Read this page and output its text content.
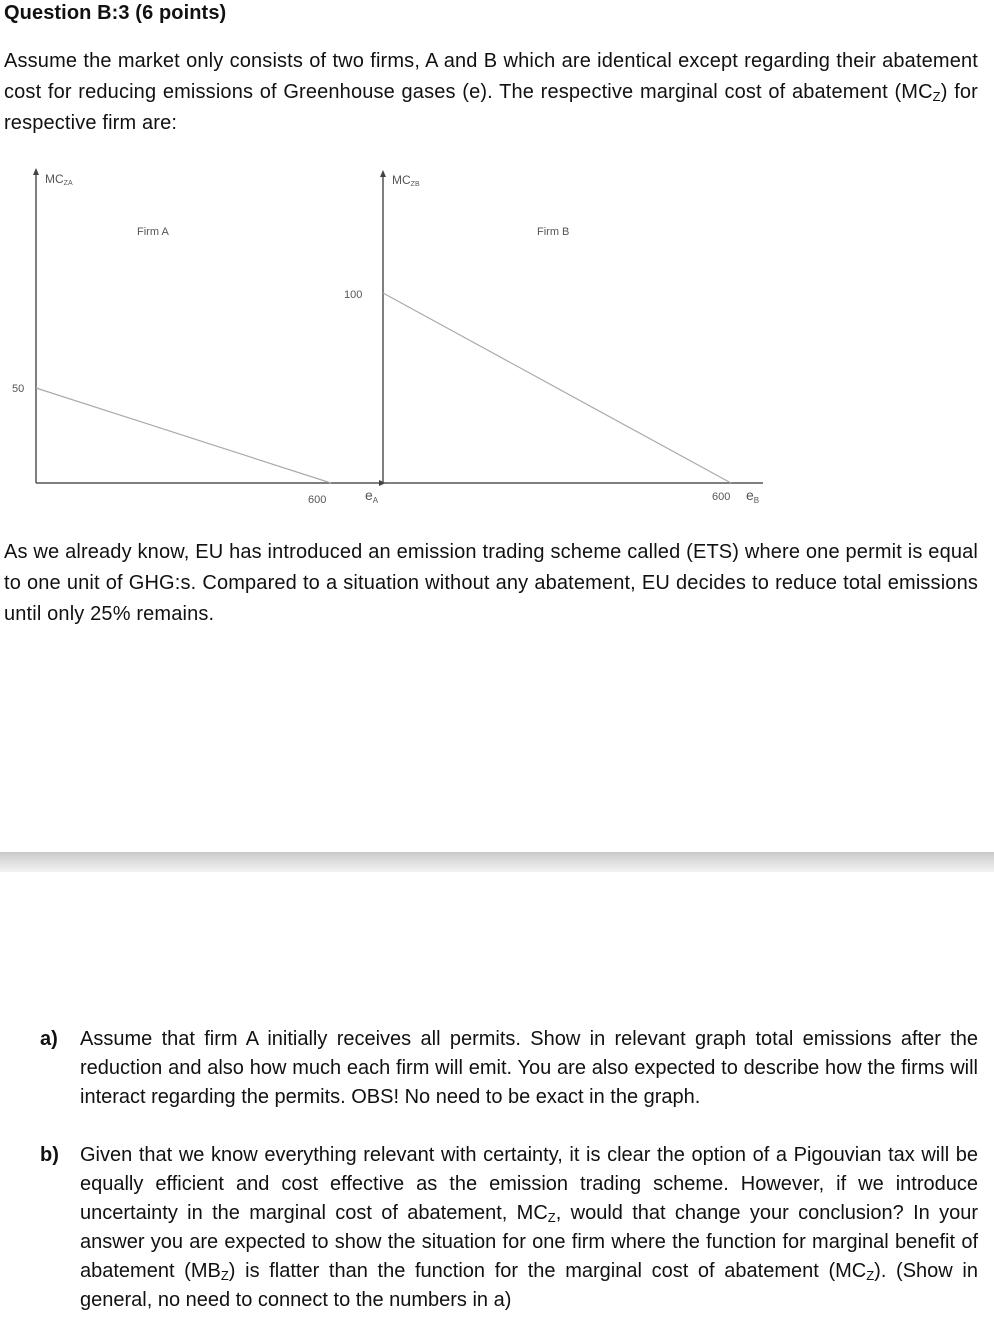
Question B:3 (6 points)
Assume the market only consists of two firms, A and B which are identical except regarding their abatement cost for reducing emissions of Greenhouse gases (e). The respective marginal cost of abatement $(MC_Z)$ for respective firm are:
MCZA
Firm A
50
600	$e_A$
MCZB
Firm B
100
600 $e_B$
As we already know, EU has introduced an emission trading scheme called (ETS) where one permit is equal to one unit of GHG:s. Compared to a situation without any abatement, EU decides to reduce total emissions until only 25% remains.
a) Assume that firm A initially receives all permits. Show in relevant graph total emissions after the reduction and also how much each firm will emit. You are also expected to describe how the firms will interact regarding the permits. OBS! No need to be exact in the graph.
b) Given that we know everything relevant with certainty, it is clear the option of a Pigouvian tax will be equally efficient and cost effective as the emission trading scheme. However, if we introduce uncertainty in the marginal cost of abatement, $MC_Z$, would that change your conclusion? In your answer you are expected to show the situation for one firm where the function for marginal benefit of abatement $(MB_Z)$ is flatter than the function for the marginal cost of abatement $(MC_Z)$. (Show in general, no need to connect to the numbers in a)
